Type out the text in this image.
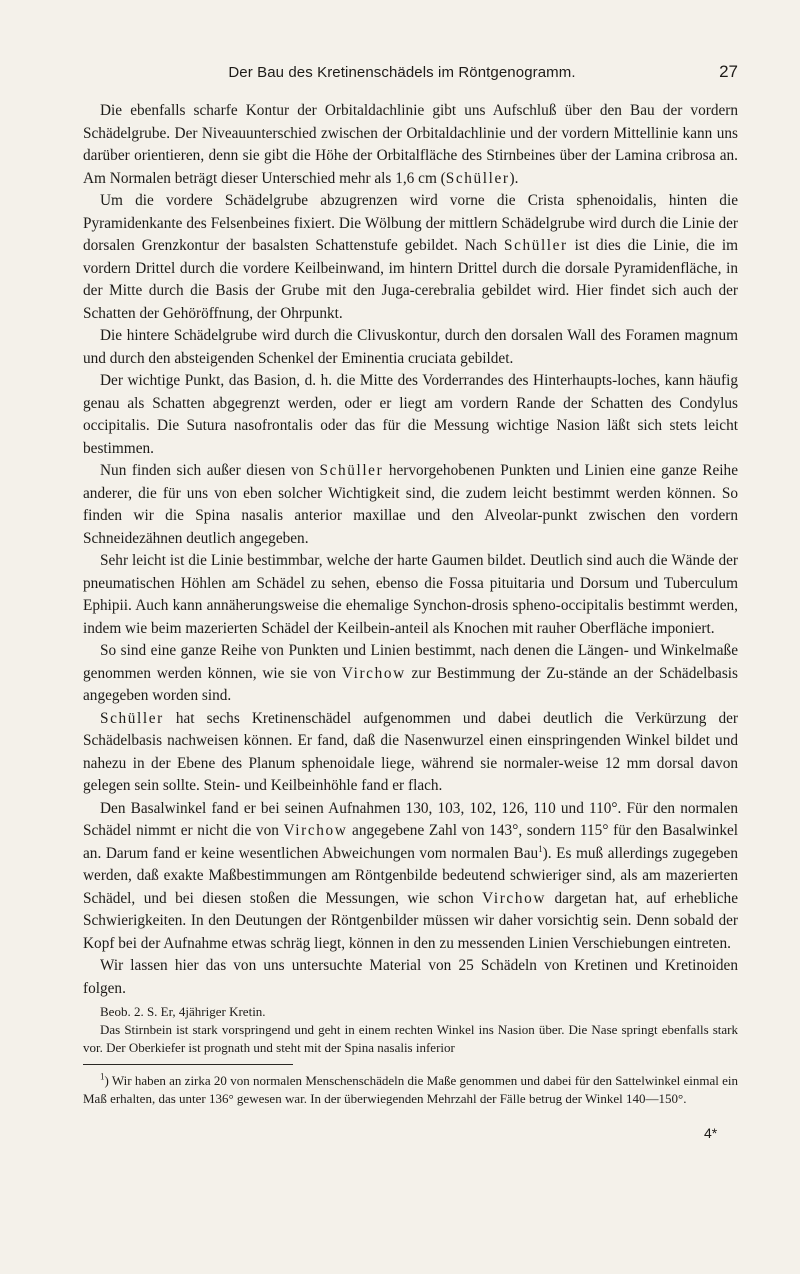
Der Bau des Kretinenschädels im Röntgenogramm.	27

Die ebenfalls scharfe Kontur der Orbitaldachlinie gibt uns Aufschluß über den Bau der vordern Schädelgrube. Der Niveauunterschied zwischen der Orbitaldachlinie und der vordern Mittellinie kann uns darüber orientieren, denn sie gibt die Höhe der Orbitalfläche des Stirnbeines über der Lamina cribrosa an. Am Normalen beträgt dieser Unterschied mehr als 1,6 cm (Schüller).

Um die vordere Schädelgrube abzugrenzen wird vorne die Crista sphenoidalis, hinten die Pyramidenkante des Felsenbeines fixiert. Die Wölbung der mittlern Schädelgrube wird durch die Linie der dorsalen Grenzkontur der basalsten Schattenstufe gebildet. Nach Schüller ist dies die Linie, die im vordern Drittel durch die vordere Keilbeinwand, im hintern Drittel durch die dorsale Pyramidenfläche, in der Mitte durch die Basis der Grube mit den Juga-cerebralia gebildet wird. Hier findet sich auch der Schatten der Gehöröffnung, der Ohrpunkt.

Die hintere Schädelgrube wird durch die Clivuskontur, durch den dorsalen Wall des Foramen magnum und durch den absteigenden Schenkel der Eminentia cruciata gebildet.

Der wichtige Punkt, das Basion, d. h. die Mitte des Vorderrandes des Hinterhaupts-loches, kann häufig genau als Schatten abgegrenzt werden, oder er liegt am vordern Rande der Schatten des Condylus occipitalis. Die Sutura nasofrontalis oder das für die Messung wichtige Nasion läßt sich stets leicht bestimmen.

Nun finden sich außer diesen von Schüller hervorgehobenen Punkten und Linien eine ganze Reihe anderer, die für uns von eben solcher Wichtigkeit sind, die zudem leicht bestimmt werden können. So finden wir die Spina nasalis anterior maxillae und den Alveolar-punkt zwischen den vordern Schneidezähnen deutlich angegeben.

Sehr leicht ist die Linie bestimmbar, welche der harte Gaumen bildet. Deutlich sind auch die Wände der pneumatischen Höhlen am Schädel zu sehen, ebenso die Fossa pituitaria und Dorsum und Tuberculum Ephipii. Auch kann annäherungsweise die ehemalige Synchon-drosis spheno-occipitalis bestimmt werden, indem wie beim mazerierten Schädel der Keilbein-anteil als Knochen mit rauher Oberfläche imponiert.

So sind eine ganze Reihe von Punkten und Linien bestimmt, nach denen die Längen- und Winkelmaße genommen werden können, wie sie von Virchow zur Bestimmung der Zu-stände an der Schädelbasis angegeben worden sind.

Schüller hat sechs Kretinenschädel aufgenommen und dabei deutlich die Verkürzung der Schädelbasis nachweisen können. Er fand, daß die Nasenwurzel einen einspringenden Winkel bildet und nahezu in der Ebene des Planum sphenoidale liege, während sie normaler-weise 12 mm dorsal davon gelegen sein sollte. Stein- und Keilbeinhöhle fand er flach.

Den Basalwinkel fand er bei seinen Aufnahmen 130, 103, 102, 126, 110 und 110°. Für den normalen Schädel nimmt er nicht die von Virchow angegebene Zahl von 143°, sondern 115° für den Basalwinkel an. Darum fand er keine wesentlichen Abweichungen vom normalen Bau$^1$). Es muß allerdings zugegeben werden, daß exakte Maßbestimmungen am Röntgenbilde bedeutend schwieriger sind, als am mazerierten Schädel, und bei diesen stoßen die Messungen, wie schon Virchow dargetan hat, auf erhebliche Schwierigkeiten. In den Deutungen der Röntgenbilder müssen wir daher vorsichtig sein. Denn sobald der Kopf bei der Aufnahme etwas schräg liegt, können in den zu messenden Linien Verschiebungen eintreten.

Wir lassen hier das von uns untersuchte Material von 25 Schädeln von Kretinen und Kretinoiden folgen.

Beob. 2. S. Er, 4jähriger Kretin.

Das Stirnbein ist stark vorspringend und geht in einem rechten Winkel ins Nasion über. Die Nase springt ebenfalls stark vor. Der Oberkiefer ist prognath und steht mit der Spina nasalis inferior

$^1$) Wir haben an zirka 20 von normalen Menschenschädeln die Maße genommen und dabei für den Sattelwinkel einmal ein Maß erhalten, das unter 136° gewesen war. In der überwiegenden Mehrzahl der Fälle betrug der Winkel 140—150°.

4*
